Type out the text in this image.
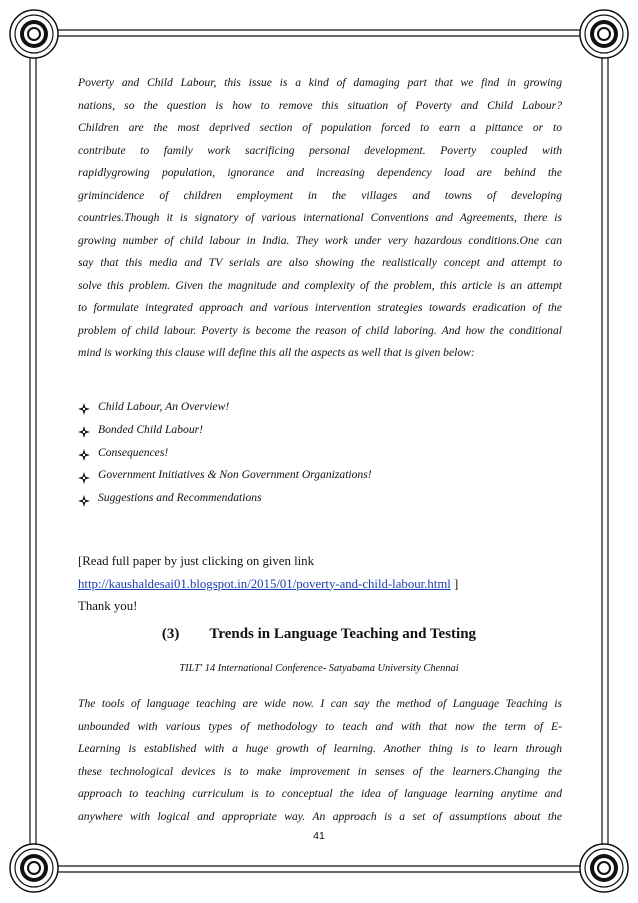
Poverty and Child Labour, this issue is a kind of damaging part that we find in growing
nations, so the question is how to remove this situation of Poverty and Child Labour?
Children are the most deprived section of population forced to earn a pittance or to
contribute to family work sacrificing personal development. Poverty coupled with
rapidlygrowing population, ignorance and increasing dependency load are behind the
grimincidence of children employment in the villages and towns of developing
countries.Though it is signatory of various international Conventions and Agreements, there is
growing number of child labour in India. They work under very hazardous conditions.One can
say that this media and TV serials are also showing the realistically concept and attempt to
solve this problem. Given the magnitude and complexity of the problem, this article is an attempt
to formulate integrated approach and various intervention strategies towards eradication of the
problem of child labour. Poverty is become the reason of child laboring. And how the conditional
mind is working this clause will define this all the aspects as well that is given below:

Child Labour, An Overview!
Bonded Child Labour!
Consequences!
Government Initiatives & Non Government Organizations!
Suggestions and Recommendations
[Read full paper by just clicking on given link
http://kaushaldesai01.blogspot.in/2015/01/poverty-and-child-labour.html ]
Thank you!
(3) Trends in Language Teaching and Testing
TILT' 14 International Conference- Satyabama University Chennai

The tools of language teaching are wide now. I can say the method of Language Teaching is
unbounded with various types of methodology to teach and with that now the term of E-
Learning is established with a huge growth of learning. Another thing is to learn through
these technological devices is to make improvement in senses of the learners.Changing the
approach to teaching curriculum is to conceptual the idea of language learning anytime and
anywhere with logical and appropriate way. An approach is a set of assumptions about the

41
